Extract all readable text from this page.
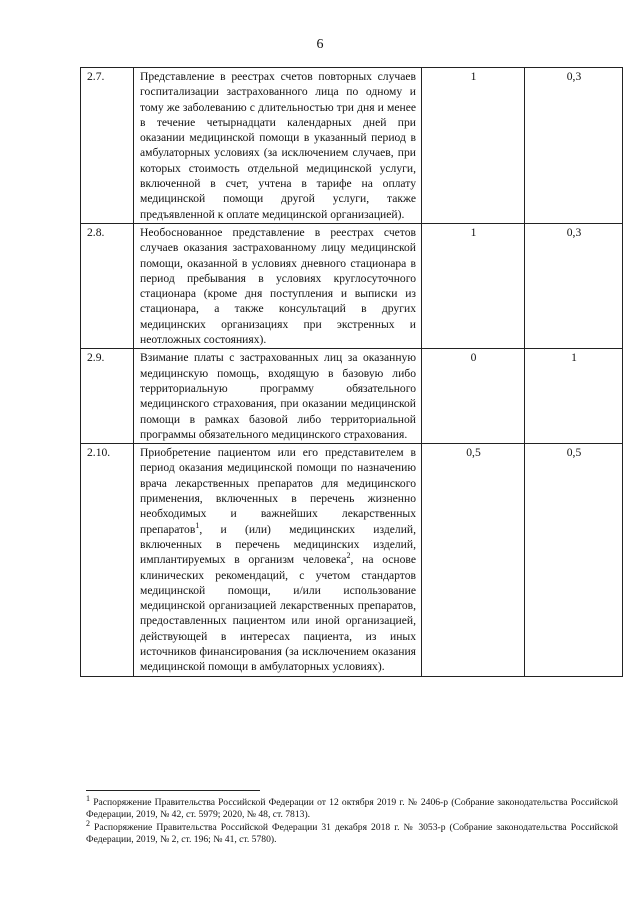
6
2.7.	Представление в реестрах счетов повторных случаев госпитализации застрахованного лица по одному и тому же заболеванию с длительностью три дня и менее в течение четырнадцати календарных дней при оказании медицинской помощи в указанный период в амбулаторных условиях (за исключением случаев, при которых стоимость отдельной медицинской услуги, включенной в счет, учтена в тарифе на оплату медицинской помощи другой услуги, также предъявленной к оплате медицинской организацией).	1	0,3
2.8.	Необоснованное представление в реестрах счетов случаев оказания застрахованному лицу медицинской помощи, оказанной в условиях дневного стационара в период пребывания в условиях круглосуточного стационара (кроме дня поступления и выписки из стационара, а также консультаций в других медицинских организациях при экстренных и неотложных состояниях).	1	0,3
2.9.	Взимание платы с застрахованных лиц за оказанную медицинскую помощь, входящую в базовую либо территориальную программу обязательного медицинского страхования, при оказании медицинской помощи в рамках базовой либо территориальной программы обязательного медицинского страхования.	0	1
2.10.	Приобретение пациентом или его представителем в период оказания медицинской помощи по назначению врача лекарственных препаратов для медицинского применения, включенных в перечень жизненно необходимых и важнейших лекарственных препаратов$^1$, и (или) медицинских изделий, включенных в перечень медицинских изделий, имплантируемых в организм человека$^2$, на основе клинических рекомендаций, с учетом стандартов медицинской помощи, и/или использование медицинской организацией лекарственных препаратов, предоставленных пациентом или иной организацией, действующей в интересах пациента, из иных источников финансирования (за исключением оказания медицинской помощи в амбулаторных условиях).	0,5	0,5

$^1$ Распоряжение Правительства Российской Федерации от 12 октября 2019 г. № 2406-р (Собрание законодательства Российской Федерации, 2019, № 42, ст. 5979; 2020, № 48, ст. 7813).

$^2$ Распоряжение Правительства Российской Федерации 31 декабря 2018 г. № 3053-р (Собрание законодательства Российской Федерации, 2019, № 2, ст. 196; № 41, ст. 5780).
